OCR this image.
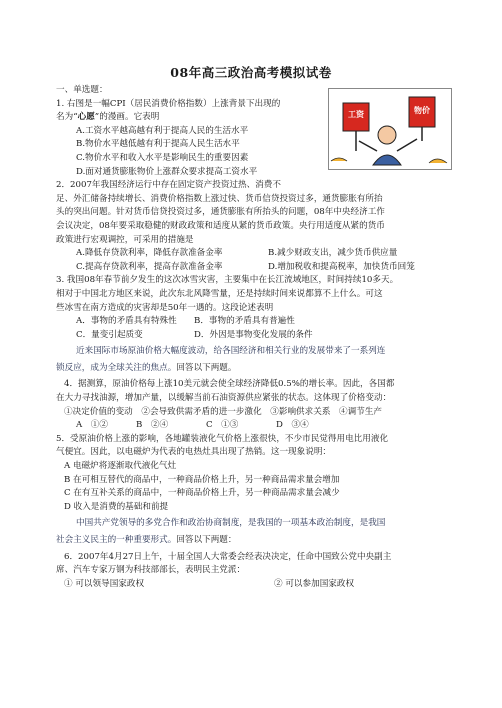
08年高三政治高考模拟试卷
工资	物价
一、单选题：
1. 右图是一幅CPI（居民消费价格指数）上涨背景下出现的
名为“心愿”的漫画。它表明
A.工资水平越高越有利于提高人民的生活水平
B.物价水平越低越有利于提高人民生活水平
C.物价水平和收入水平是影响民生的重要因素
D.面对通货膨胀物价上涨群众要求提高工资水平
2．2007年我国经济运行中存在固定资产投资过热、消费不
足、外汇储备持续增长、消费价格指数上涨过快、货币信贷投资过多，通货膨胀有所抬
头的突出问题。针对货币信贷投资过多，通货膨胀有所抬头的问题，08年中央经济工作
会议决定，08年要采取稳健的财政政策和适度从紧的货币政策。央行用适度从紧的货币
政策进行宏观调控，可采用的措施是
A.降低存贷款利率，降低存款准备金率	B.减少财政支出，减少货币供应量
C.提高存贷款利率，提高存款准备金率	D.增加税收和提高税率，加快货币回笼
3. 我国08年春节前夕发生的这次冰雪灾害，主要集中在长江流域地区，时间持续10多天。
相对于中国北方地区来说，此次东北风降雪量，还是持续时间来说都算不上什么。可这
些冰雪在南方造成的灾害却是50年一遇的。这段论述表明
A．事物的矛盾具有特殊性 B．事物的矛盾具有普遍性
C．量变引起质变	D．外因是事物变化发展的条件
近来国际市场原油价格大幅度波动，给各国经济和相关行业的发展带来了一系列连
锁反应，成为全球关注的焦点。回答以下两题。
4．据测算，原油价格每上涨10美元就会使全球经济降低0.5%的增长率。因此，各国都
在大力寻找油源，增加产量，以缓解当前石油资源供应紧张的状态。这体现了价格变动：
①决定价值的变动　②会导致供需矛盾的进一步激化　③影响供求关系　④调节生产
A　①②	B　②④	C　①③	D　③④
5．受原油价格上涨的影响，各地罐装液化气价格上涨很快，不少市民觉得用电比用液化
气便宜。因此，以电磁炉为代表的电热灶具出现了热销。这一现象说明：
A 电磁炉将逐渐取代液化气灶
B 在可相互替代的商品中，一种商品价格上升，另一种商品需求量会增加
C 在有互补关系的商品中，一种商品价格上升，另一种商品需求量会减少
D 收入是消费的基础和前提
中国共产党领导的多党合作和政治协商制度，是我国的一项基本政治制度，是我国
社会主义民主的一种重要形式。回答以下两题：
6．2007年4月27日上午，十届全国人大常委会经表决决定，任命中国致公党中央副主
席、汽车专家万钢为科技部部长，表明民主党派：
① 可以领导国家政权	② 可以参加国家政权
